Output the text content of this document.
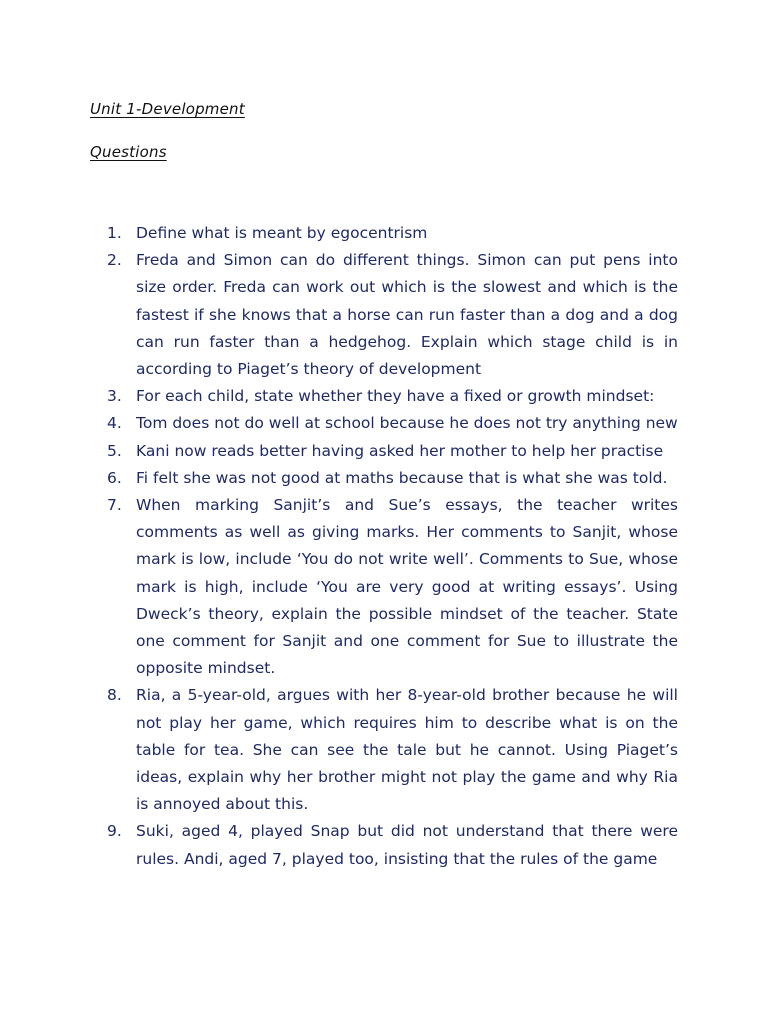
Unit 1-Development
Questions
1. Define what is meant by egocentrism
2. Freda and Simon can do different things. Simon can put pens into size order. Freda can work out which is the slowest and which is the fastest if she knows that a horse can run faster than a dog and a dog can run faster than a hedgehog. Explain which stage child is in according to Piaget’s theory of development
3. For each child, state whether they have a fixed or growth mindset:
4. Tom does not do well at school because he does not try anything new
5. Kani now reads better having asked her mother to help her practise
6. Fi felt she was not good at maths because that is what she was told.
7. When marking Sanjit’s and Sue’s essays, the teacher writes comments as well as giving marks. Her comments to Sanjit, whose mark is low, include ‘You do not write well’. Comments to Sue, whose mark is high, include ‘You are very good at writing essays’. Using Dweck’s theory, explain the possible mindset of the teacher. State one comment for Sanjit and one comment for Sue to illustrate the opposite mindset.
8. Ria, a 5-year-old, argues with her 8-year-old brother because he will not play her game, which requires him to describe what is on the table for tea. She can see the tale but he cannot. Using Piaget’s ideas, explain why her brother might not play the game and why Ria is annoyed about this.
9. Suki, aged 4, played Snap but did not understand that there were rules. Andi, aged 7, played too, insisting that the rules of the game
